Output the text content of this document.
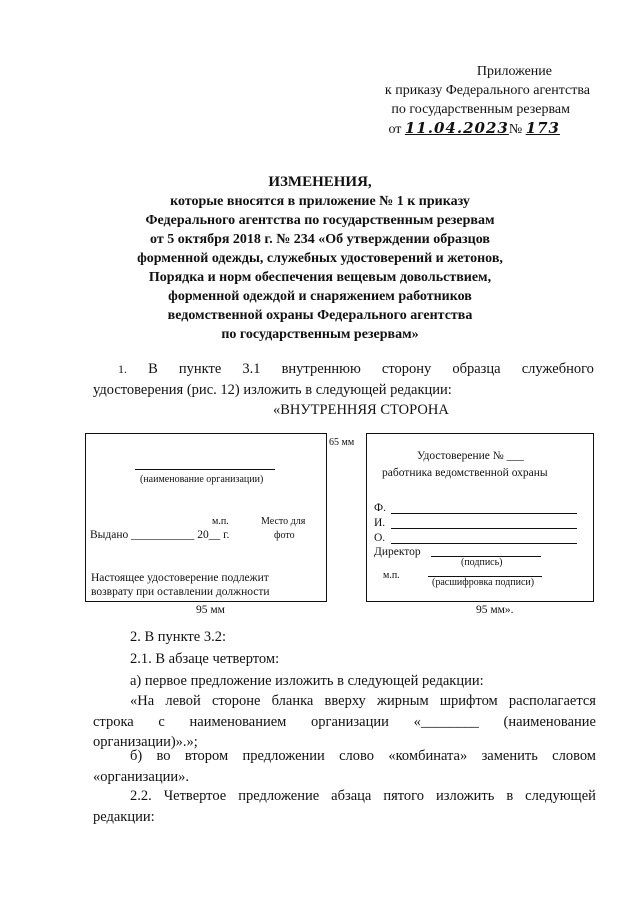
Приложение
к приказу Федерального агентства
по государственным резервам
от 11.04.2023№ 173
ИЗМЕНЕНИЯ,
которые вносятся в приложение № 1 к приказу
Федерального агентства по государственным резервам
от 5 октября 2018 г. № 234 «Об утверждении образцов
форменной одежды, служебных удостоверений и жетонов,
Порядка и норм обеспечения вещевым довольствием,
форменной одеждой и снаряжением работников
ведомственной охраны Федерального агентства
по государственным резервам»
1. В пункте 3.1 внутреннюю сторону образца служебного
удостоверения (рис. 12) изложить в следующей редакции:
«ВНУТРЕННЯЯ СТОРОНА
(наименование организации)
м.п.	Место для
фото
Выдано ___________ 20__ г.
Настоящее удостоверение подлежит
возврату при оставлении должности
95 мм
65 мм
Удостоверение № ___
работника ведомственной охраны
Ф.
И.
О.
Директор
(подпись)
м.п.
(расшифровка подписи)
95 мм».
2. В пункте 3.2:
2.1. В абзаце четвертом:
а) первое предложение изложить в следующей редакции:
«На левой стороне бланка вверху жирным шрифтом располагается
строка с наименованием организации «________ (наименование
организации)».»;
б) во втором предложении слово «комбината» заменить словом
«организации».
2.2. Четвертое предложение абзаца пятого изложить в следующей
редакции:
